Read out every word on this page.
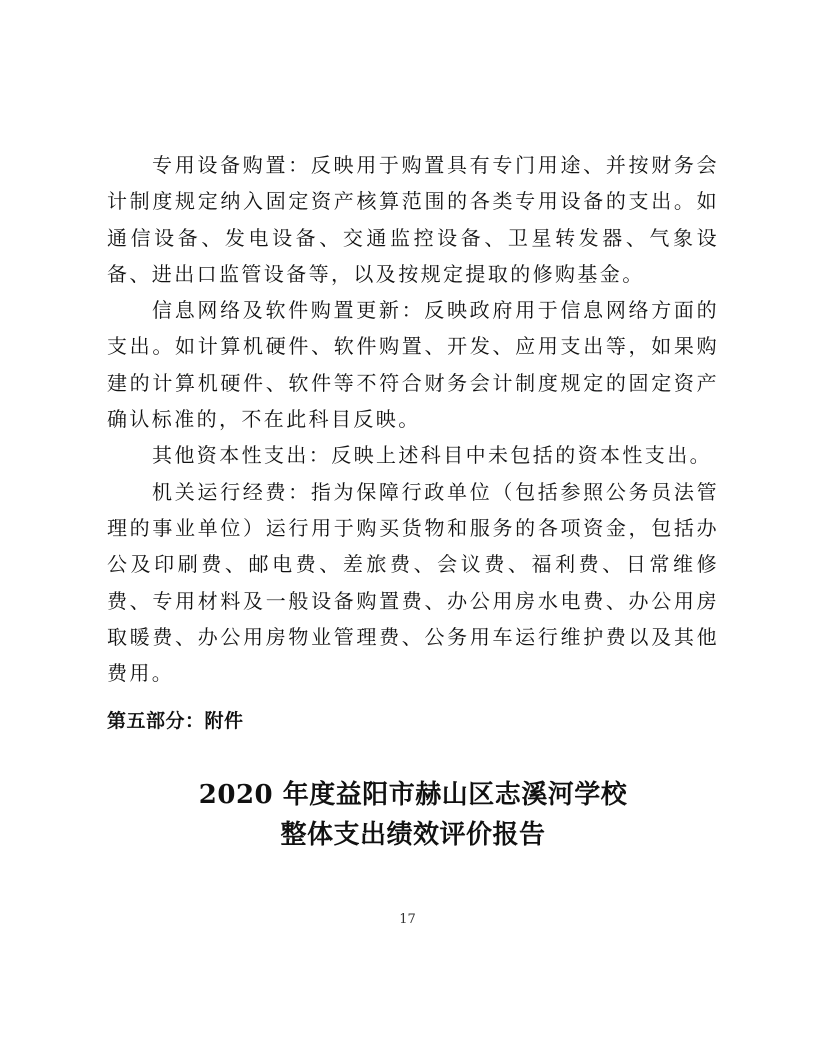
专用设备购置：反映用于购置具有专门用途、并按财务会计制度规定纳入固定资产核算范围的各类专用设备的支出。如通信设备、发电设备、交通监控设备、卫星转发器、气象设备、进出口监管设备等，以及按规定提取的修购基金。

信息网络及软件购置更新：反映政府用于信息网络方面的支出。如计算机硬件、软件购置、开发、应用支出等，如果购建的计算机硬件、软件等不符合财务会计制度规定的固定资产确认标准的，不在此科目反映。

其他资本性支出：反映上述科目中未包括的资本性支出。

机关运行经费：指为保障行政单位（包括参照公务员法管理的事业单位）运行用于购买货物和服务的各项资金，包括办公及印刷费、邮电费、差旅费、会议费、福利费、日常维修费、专用材料及一般设备购置费、办公用房水电费、办公用房取暖费、办公用房物业管理费、公务用车运行维护费以及其他费用。

第五部分：附件
2020 年度益阳市赫山区志溪河学校
整体支出绩效评价报告
17
